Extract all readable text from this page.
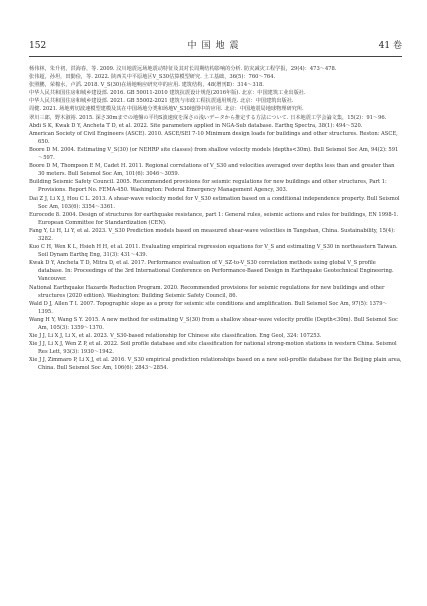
152	中国地震	41 卷
杨伟林，朱升初，洪海春，等. 2009. 汶川地震远场地震动特征及其对长周期结构影响的分析. 防灾减灾工程学报，29(4)：473～478.
张伟超，孙坦，田勤俭，等. 2022. 陕西关中平原地区V_S30估算模型研究. 土工基础，36(5)：760～764.
张照鹏，荣棉水，卢滔. 2018. V_S(30)在场地响应研究中的应用. 建筑结构，48(增刊Ⅱ)：314～318.
中华人民共和国住房和城乡建设部. 2016. GB 50011-2010 建筑抗震设计规范(2016年版). 北京：中国建筑工业出版社.
中华人民共和国住房和城乡建设部. 2021. GB 55002-2021 建筑与市政工程抗震通用规范. 北京：中国建筑出版社.
周健. 2021. 场地剪切波速模型建模及其在中国场地分类和场地V_S30地图中的应用. 北京：中国地震局地球物理研究所.
翠川三郎，野木淑裕. 2015. 深さ30mまでの地盤の平均S波速度を深さの浅いデータから推定する方法について. 日本地震工学会論文集，15(2)：91～96.
Abdi S K, Kwak D Y, Ancheta T D, et al. 2022. Site parameters applied in NGA-Sub database. Earthq Spectra, 38(1): 494～520.
American Society of Civil Engineers (ASCE). 2010. ASCE/SEI 7-10 Minimum design loads for buildings and other structures. Reston: ASCE, 650.
Boore D M. 2004. Estimating V_S(30) (or NEHRP site classes) from shallow velocity models (depths<30m). Bull Seismol Soc Am, 94(2): 591～597.
Boore D M, Thompson E M, Cadet H. 2011. Regional correlations of V_S30 and velocities averaged over depths less than and greater than 30 meters. Bull Seismol Soc Am, 101(6): 3046～3059.
Building Seismic Safety Council. 2005. Recommended provisions for seismic regulations for new buildings and other structures, Part 1: Provisions. Report No. FEMA-450. Washington: Federal Emergency Management Agency, 303.
Dai Z J, Li X J, Hou C L. 2013. A shear-wave velocity model for V_S30 estimation based on a conditional independence property. Bull Seismol Soc Am, 103(6): 3354～3361.
Eurocode 8. 2004. Design of structures for earthquake resistance, part 1: General rules, seismic actions and rules for buildings, EN 1998-1. European Committee for Standardization (CEN).
Fang Y, Li H, Li Y, et al. 2023. V_S30 Prediction models based on measured shear-wave velocities in Tangshan, China. Sustainability, 15(4): 3282.
Kuo C H, Wen K L, Hsieh H H, et al. 2011. Evaluating empirical regression equations for V_S and estimating V_S30 in northeastern Taiwan. Soil Dynam Earthq Eng, 31(3): 431～439.
Kwak D Y, Ancheta T D, Mitra D, et al. 2017. Performance evaluation of V_SZ-to-V_S30 correlation methods using global V_S profile database. In: Proceedings of the 3rd International Conference on Performance-Based Design in Earthquake Geotechnical Engineering. Vancouver.
National Earthquake Hazards Reduction Program. 2020. Recommended provisions for seismic regulations for new buildings and other structures (2020 edition). Washington: Building Seismic Safety Council, 86.
Wald D J, Allen T I. 2007. Topographic slope as a proxy for seismic site conditions and amplification. Bull Seismol Soc Am, 97(5): 1379～1395.
Wang H Y, Wang S Y. 2015. A new method for estimating V_S(30) from a shallow shear-wave velocity profile (Depth<30m). Bull Seismol Soc Am, 105(3): 1359～1370.
Xie J J, Li X J, Li X, et al. 2023. V_S30-based relationship for Chinese site classification. Eng Geol, 324: 107253.
Xie J J, Li X J, Wen Z P, et al. 2022. Soil profile database and site classification for national strong-motion stations in western China. Seismol Res Lett, 93(3): 1930～1942.
Xie J J, Zimmaro P, Li X J, et al. 2016. V_S30 empirical prediction relationships based on a new soil-profile database for the Beijing plain area, China. Bull Seismol Soc Am, 106(6): 2843～2854.
